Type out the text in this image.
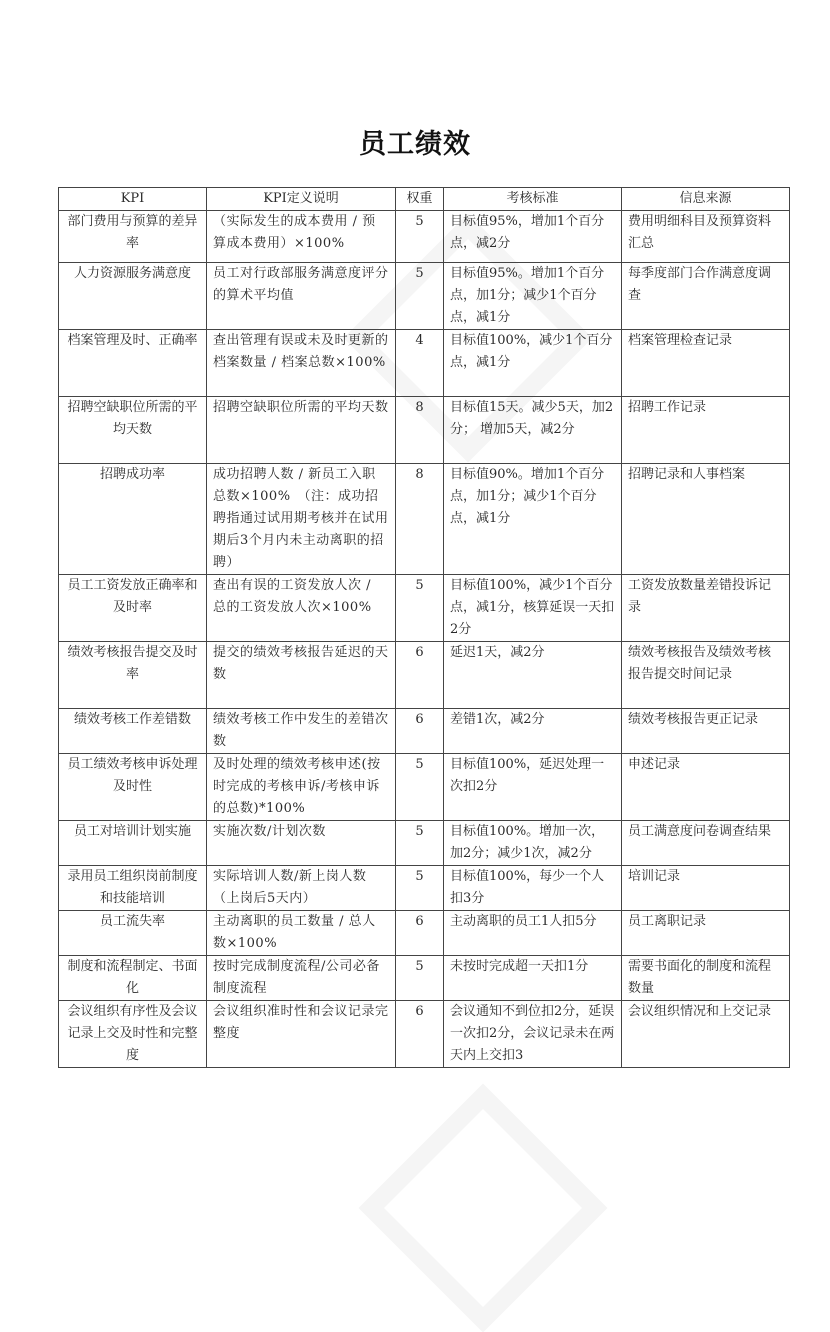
员工绩效
KPI	KPI定义说明	权重	考核标准	信息来源
部门费用与预算的差异率	（实际发生的成本费用 / 预算成本费用）×100%	5	目标值95%，增加1个百分点，减2分	费用明细科目及预算资料汇总
人力资源服务满意度	员工对行政部服务满意度评分的算术平均值	5	目标值95%。增加1个百分点，加1分；减少1个百分点，减1分	每季度部门合作满意度调查
档案管理及时、正确率	查出管理有误或未及时更新的档案数量 / 档案总数×100%	4	目标值100%，减少1个百分点，减1分	档案管理检查记录
招聘空缺职位所需的平均天数	招聘空缺职位所需的平均天数	8	目标值15天。减少5天，加2分； 增加5天，减2分	招聘工作记录
招聘成功率	成功招聘人数 / 新员工入职总数×100%　（注：成功招聘指通过试用期考核并在试用期后3个月内未主动离职的招聘）	8	目标值90%。增加1个百分点，加1分；减少1个百分点，减1分	招聘记录和人事档案
员工工资发放正确率和及时率	查出有误的工资发放人次 / 总的工资发放人次×100%	5	目标值100%，减少1个百分点，减1分，核算延误一天扣2分	工资发放数量差错投诉记录
绩效考核报告提交及时率	提交的绩效考核报告延迟的天数	6	延迟1天，减2分	绩效考核报告及绩效考核报告提交时间记录
绩效考核工作差错数	绩效考核工作中发生的差错次数	6	差错1次，减2分	绩效考核报告更正记录
员工绩效考核申诉处理及时性	及时处理的绩效考核申述(按时完成的考核申诉/考核申诉的总数)*100%	5	目标值100%，延迟处理一次扣2分	申述记录
员工对培训计划实施	实施次数/计划次数	5	目标值100%。增加一次，加2分；减少1次，减2分	员工满意度问卷调查结果
录用员工组织岗前制度和技能培训	实际培训人数/新上岗人数（上岗后5天内）	5	目标值100%，每少一个人扣3分	培训记录
员工流失率	主动离职的员工数量 / 总人数×100%	6	主动离职的员工1人扣5分	员工离职记录
制度和流程制定、书面化	按时完成制度流程/公司必备制度流程	5	未按时完成超一天扣1分	需要书面化的制度和流程数量
会议组织有序性及会议记录上交及时性和完整度	会议组织准时性和会议记录完整度	6	会议通知不到位扣2分，延误一次扣2分，会议记录未在两天内上交扣3	会议组织情况和上交记录
